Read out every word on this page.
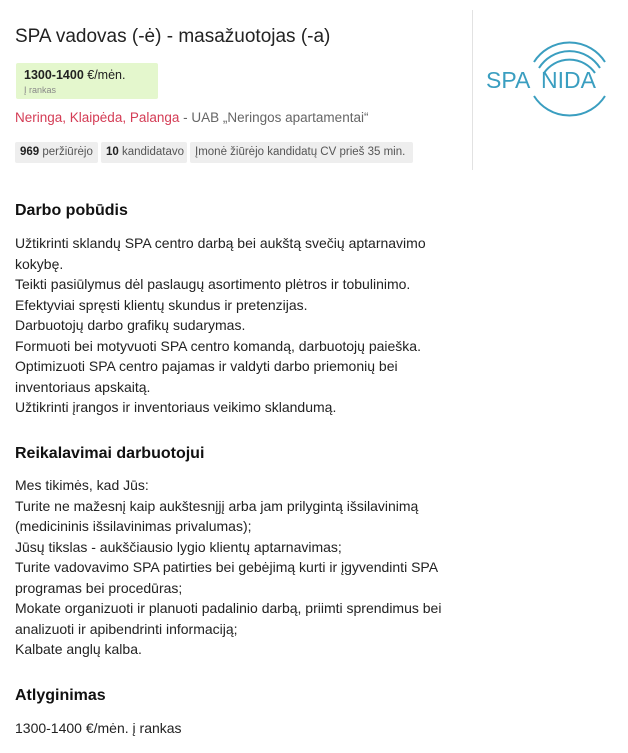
SPA vadovas (-ė) - masažuotojas (-a)
1300-1400 €/mėn.
Į rankas
Neringa, Klaipėda, Palanga - UAB „Neringos apartamentai“
969 peržiūrėjo	10 kandidatavo Įmonė žiūrėjo kandidatų CV prieš 35 min.
SPA NIDA
Darbo pobūdis
Užtikrinti sklandų SPA centro darbą bei aukštą svečių aptarnavimo kokybę.
Teikti pasiūlymus dėl paslaugų asortimento plėtros ir tobulinimo.
Efektyviai spręsti klientų skundus ir pretenzijas.
Darbuotojų darbo grafikų sudarymas.
Formuoti bei motyvuoti SPA centro komandą, darbuotojų paieška.
Optimizuoti SPA centro pajamas ir valdyti darbo priemonių bei inventoriaus apskaitą.
Užtikrinti įrangos ir inventoriaus veikimo sklandumą.
Reikalavimai darbuotojui
Mes tikimės, kad Jūs:
Turite ne mažesnį kaip aukštesnįjį arba jam prilygintą išsilavinimą (medicininis išsilavinimas privalumas);
Jūsų tikslas - aukščiausio lygio klientų aptarnavimas;
Turite vadovavimo SPA patirties bei gebėjimą kurti ir įgyvendinti SPA programas bei procedūras;
Mokate organizuoti ir planuoti padalinio darbą, priimti sprendimus bei analizuoti ir apibendrinti informaciją;
Kalbate anglų kalba.
Atlyginimas
1300-1400 €/mėn. į rankas
